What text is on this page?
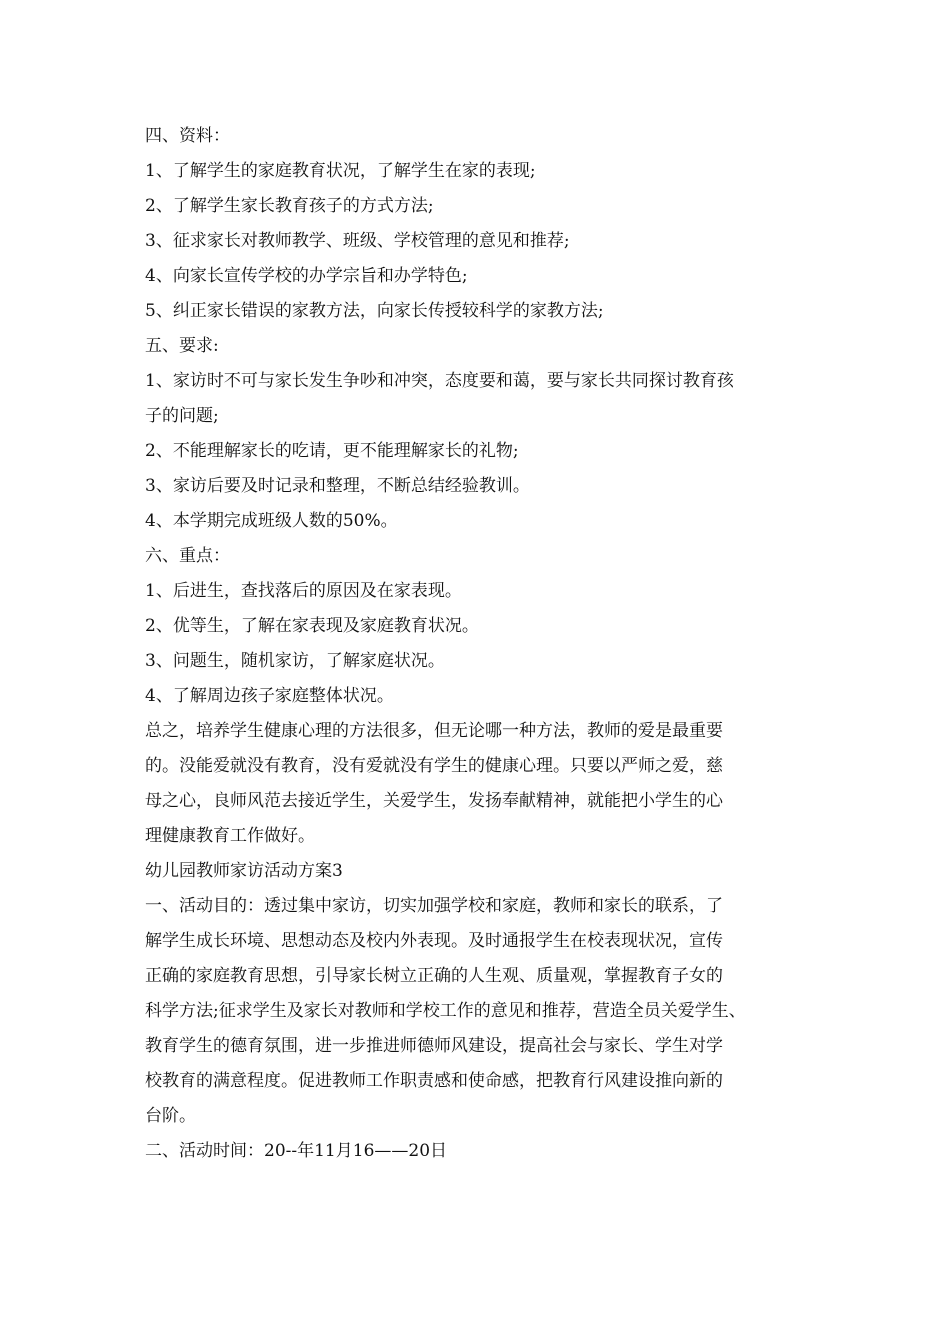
四、资料：
1、了解学生的家庭教育状况，了解学生在家的表现;
2、了解学生家长教育孩子的方式方法;
3、征求家长对教师教学、班级、学校管理的意见和推荐;
4、向家长宣传学校的办学宗旨和办学特色;
5、纠正家长错误的家教方法，向家长传授较科学的家教方法;
五、要求:
1、家访时不可与家长发生争吵和冲突，态度要和蔼，要与家长共同探讨教育孩
子的问题;
2、不能理解家长的吃请，更不能理解家长的礼物;
3、家访后要及时记录和整理，不断总结经验教训。
4、本学期完成班级人数的50%。
六、重点：
1、后进生，查找落后的原因及在家表现。
2、优等生，了解在家表现及家庭教育状况。
3、问题生，随机家访，了解家庭状况。
4、了解周边孩子家庭整体状况。
总之，培养学生健康心理的方法很多，但无论哪一种方法，教师的爱是最重要
的。没能爱就没有教育，没有爱就没有学生的健康心理。只要以严师之爱，慈
母之心，良师风范去接近学生，关爱学生，发扬奉献精神，就能把小学生的心
理健康教育工作做好。
幼儿园教师家访活动方案3
一、活动目的：透过集中家访，切实加强学校和家庭，教师和家长的联系，了
解学生成长环境、思想动态及校内外表现。及时通报学生在校表现状况，宣传
正确的家庭教育思想，引导家长树立正确的人生观、质量观，掌握教育子女的
科学方法;征求学生及家长对教师和学校工作的意见和推荐，营造全员关爱学生、
教育学生的德育氛围，进一步推进师德师风建设，提高社会与家长、学生对学
校教育的满意程度。促进教师工作职责感和使命感，把教育行风建设推向新的
台阶。
二、活动时间：20--年11月16——20日
